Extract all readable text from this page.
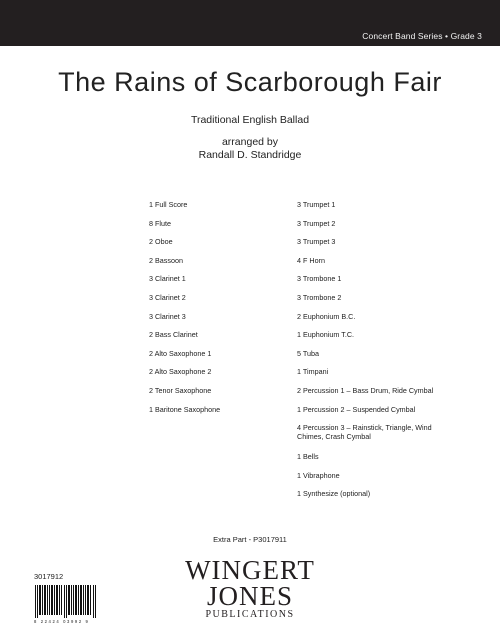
Concert Band Series • Grade 3
The Rains of Scarborough Fair
Traditional English Ballad
arranged by
Randall D. Standridge
1 Full Score
8 Flute
2 Oboe
2 Bassoon
3 Clarinet 1
3 Clarinet 2
3 Clarinet 3
2 Bass Clarinet
2 Alto Saxophone 1
2 Alto Saxophone 2
2 Tenor Saxophone
1 Baritone Saxophone
3 Trumpet 1
3 Trumpet 2
3 Trumpet 3
4 F Horn
3 Trombone 1
3 Trombone 2
2 Euphonium B.C.
1 Euphonium T.C.
5 Tuba
1 Timpani
2 Percussion 1 – Bass Drum, Ride Cymbal
1 Percussion 2 – Suspended Cymbal
4 Percussion 3 – Rainstick, Triangle, Wind Chimes, Crash Cymbal
1 Bells
1 Vibraphone
1 Synthesize (optional)
Extra Part - P3017911
3017912
8 22424 03992 9
WINGERT
JONES
PUBLICATIONS
